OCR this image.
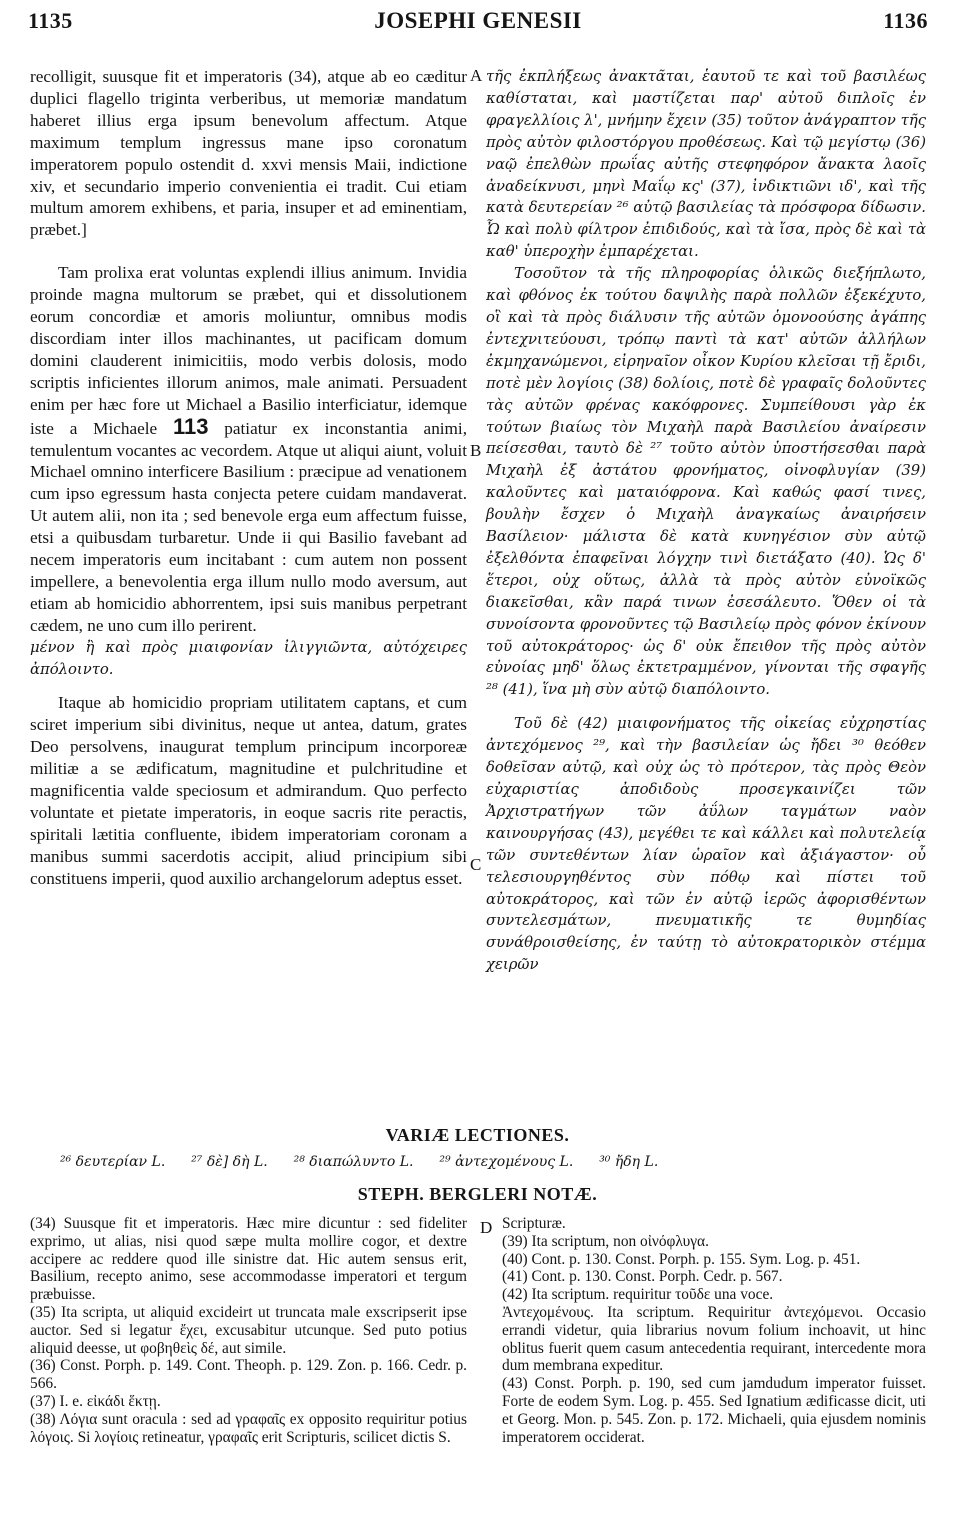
1135	JOSEPHI GENESII	1136
A
B
C
D

recolligit, suusque fit et imperatoris (34), atque ab eo cæditur duplici flagello triginta verberibus, ut memoriæ mandatum haberet illius erga ipsum benevolum affectum. Atque maximum templum ingressus mane ipso coronatum imperatorem populo ostendit d. xxvi mensis Maii, indictione xiv, et secundario imperio convenientia ei tradit. Cui etiam multum amorem exhibens, et paria, insuper et ad eminentiam, præbet.]

Tam prolixa erat voluntas explendi illius animum. Invidia proinde magna multorum se præbet, qui et dissolutionem eorum concordiæ et amoris moliuntur, omnibus modis discordiam inter illos machinantes, ut pacificam domum domini clauderent inimicitiis, modo verbis dolosis, modo scriptis inficientes illorum animos, male animati. Persuadent enim per hæc fore ut Michael a Basilio interficiatur, idemque iste a Michaele 113 patiatur ex inconstantia animi, temulentum vocantes ac vecordem. Atque ut aliqui aiunt, voluit Michael omnino interficere Basilium : præcipue ad venationem cum ipso egressum hasta conjecta petere cuidam mandaverat. Ut autem alii, non ita ; sed benevole erga eum affectum fuisse, etsi a quibusdam turbaretur. Unde ii qui Basilio favebant ad necem imperatoris eum incitabant : cum autem non possent impellere, a benevolentia erga illum nullo modo aversum, aut etiam ab homicidio abhorrentem, ipsi suis manibus perpetrant cædem, ne uno cum illo perirent.

μένον ἢ καὶ πρὸς μιαιφονίαν ἰλιγγιῶντα, αὐτόχειρες ἀπόλοιντο.

Itaque ab homicidio propriam utilitatem captans, et cum sciret imperium sibi divinitus, neque ut antea, datum, grates Deo persolvens, inaugurat templum principum incorporeæ militiæ a se ædificatum, magnitudine et pulchritudine et magnificentia valde speciosum et admirandum. Quo perfecto voluntate et pietate imperatoris, in eoque sacris rite peractis, spiritali lætitia confluente, ibidem imperatoriam coronam a manibus summi sacerdotis accipit, aliud principium sibi constituens imperii, quod auxilio archangelorum adeptus esset.

τῆς ἐκπλήξεως ἀνακτᾶται, ἑαυτοῦ τε καὶ τοῦ βασιλέως καθίσταται, καὶ μαστίζεται παρ' αὐτοῦ διπλοῖς ἐν φραγελλίοις λ', μνήμην ἔχειν (35) τοῦτον ἀνάγραπτον τῆς πρὸς αὐτὸν φιλοστόργου προθέσεως. Καὶ τῷ μεγίστῳ (36) ναῷ ἐπελθὼν πρωΐας αὐτῆς στεφηφόρον ἄνακτα λαοῖς ἀναδείκνυσι, μηνὶ Μαΐῳ κς' (37), ἰνδικτιῶνι ιδ', καὶ τῆς κατὰ δευτερείαν ²⁶ αὐτῷ βασιλείας τὰ πρόσφορα δίδωσιν. Ὦ καὶ πολὺ φίλτρον ἐπιδιδούς, καὶ τὰ ἴσα, πρὸς δὲ καὶ τὰ καθ' ὑπεροχὴν ἐμπαρέχεται.

Τοσοῦτον τὰ τῆς πληροφορίας ὁλικῶς διεξήπλωτο, καὶ φθόνος ἐκ τούτου δαψιλὴς παρὰ πολλῶν ἐξεκέχυτο, οἳ καὶ τὰ πρὸς διάλυσιν τῆς αὐτῶν ὁμονοούσης ἀγάπης ἐντεχνιτεύουσι, τρόπῳ παντὶ τὰ κατ' αὐτῶν ἀλλήλων ἐκμηχανώμενοι, εἰρηναῖον οἶκον Κυρίου κλεῖσαι τῇ ἔριδι, ποτὲ μὲν λογίοις (38) δολίοις, ποτὲ δὲ γραφαῖς δολοῦντες τὰς αὐτῶν φρένας κακόφρονες. Συμπείθουσι γὰρ ἐκ τούτων βιαίως τὸν Μιχαὴλ παρὰ Βασιλείου ἀναίρεσιν πείσεσθαι, ταυτὸ δὲ ²⁷ τοῦτο αὐτὸν ὑποστήσεσθαι παρὰ Μιχαὴλ ἐξ ἀστάτου φρονήματος, οἰνοφλυγίαν (39) καλοῦντες καὶ ματαιόφρονα. Καὶ καθώς φασί τινες, βουλὴν ἔσχεν ὁ Μιχαὴλ ἀναγκαίως ἀναιρήσειν Βασίλειον· μάλιστα δὲ κατὰ κυνηγέσιον σὺν αὐτῷ ἐξελθόντα ἐπαφεῖναι λόγχην τινὶ διετάξατο (40). Ὡς δ' ἕτεροι, οὐχ οὕτως, ἀλλὰ τὰ πρὸς αὐτὸν εὐνοϊκῶς διακεῖσθαι, κἂν παρά τινων ἐσεσάλευτο. Ὅθεν οἱ τὰ συνοίσοντα φρονοῦντες τῷ Βασιλείῳ πρὸς φόνον ἐκίνουν τοῦ αὐτοκράτορος· ὡς δ' οὐκ ἔπειθον τῆς πρὸς αὐτὸν εὐνοίας μηδ' ὅλως ἐκτετραμμένον, γίνονται τῆς σφαγῆς ²⁸ (41), ἵνα μὴ σὺν αὐτῷ διαπόλοιντο.

Τοῦ δὲ (42) μιαιφονήματος τῆς οἰκείας εὐχρηστίας ἀντεχόμενος ²⁹, καὶ τὴν βασιλείαν ὡς ἤδει ³⁰ θεόθεν δοθεῖσαν αὐτῷ, καὶ οὐχ ὡς τὸ πρότερον, τὰς πρὸς Θεὸν εὐχαριστίας ἀποδιδοὺς προσεγκαινίζει τῶν Ἀρχιστρατήγων τῶν ἀΰλων ταγμάτων ναὸν καινουργήσας (43), μεγέθει τε καὶ κάλλει καὶ πολυτελείᾳ τῶν συντεθέντων λίαν ὡραῖον καὶ ἀξιάγαστον· οὗ τελεσιουργηθέντος σὺν πόθῳ καὶ πίστει τοῦ αὐτοκράτορος, καὶ τῶν ἐν αὐτῷ ἱερῶς ἀφορισθέντων συντελεσμάτων, πνευματικῆς τε θυμηδίας συνάθροισθείσης, ἐν ταύτῃ τὸ αὐτοκρατορικὸν στέμμα χειρῶν

VARIÆ LECTIONES.
²⁶ δευτερίαν L. ²⁷ δὲ] δὴ L. ²⁸ διαπώλυντο L. ²⁹ ἀντεχομένους L. ³⁰ ἤδη L.
STEPH. BERGLERI NOTÆ.

(34) Suusque fit et imperatoris. Hæc mire dicuntur : sed fideliter exprimo, ut alias, nisi quod sæpe multa mollire cogor, et dextre accipere ac reddere quod ille sinistre dat. Hic autem sensus erit, Basilium, recepto animo, sese accommodasse imperatori et tergum præbuisse.

(35) Ita scripta, ut aliquid excideirt ut truncata male exscripserit ipse auctor. Sed si legatur ἔχει, excusabitur utcunque. Sed puto potius aliquid deesse, ut φοβηθεὶς δέ, aut simile.

(36) Const. Porph. p. 149. Cont. Theoph. p. 129. Zon. p. 166. Cedr. p. 566.

(37) I. e. εἰκάδι ἕκτῃ.

(38) Λόγια sunt oracula : sed ad γραφαῖς ex opposito requiritur potius λόγοις. Si λογίοις retineatur, γραφαῖς erit Scripturis, scilicet dictis S.

Scripturæ.

(39) Ita scriptum, non οἰνόφλυγα.

(40) Cont. p. 130. Const. Porph. p. 155. Sym. Log. p. 451.

(41) Cont. p. 130. Const. Porph. Cedr. p. 567.

(42) Ita scriptum. requiritur τοῦδε una voce.

Ἀντεχομένους. Ita scriptum. Requiritur ἀντεχόμενοι. Occasio errandi videtur, quia librarius novum folium inchoavit, ut hinc oblitus fuerit quem casum antecedentia requirant, intercedente mora dum membrana expeditur.

(43) Const. Porph. p. 190, sed cum jamdudum imperator fuisset. Forte de eodem Sym. Log. p. 455. Sed Ignatium ædificasse dicit, uti et Georg. Mon. p. 545. Zon. p. 172. Michaeli, quia ejusdem nominis imperatorem occiderat.
